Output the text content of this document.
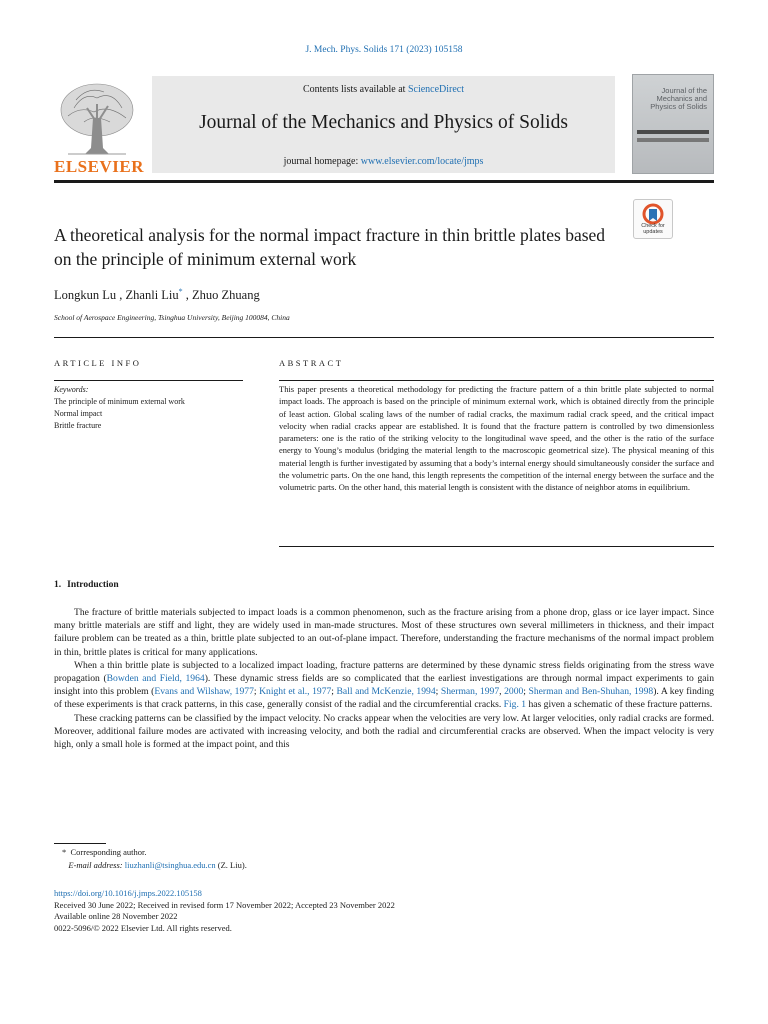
J. Mech. Phys. Solids 171 (2023) 105158
ELSEVIER
Contents lists available at ScienceDirect
Journal of the Mechanics and Physics of Solids
journal homepage: www.elsevier.com/locate/jmps
Journal of the Mechanics and Physics of Solids
Check for updates
A theoretical analysis for the normal impact fracture in thin brittle plates based on the principle of minimum external work
Longkun Lu , Zhanli Liu* , Zhuo Zhuang
School of Aerospace Engineering, Tsinghua University, Beijing 100084, China
ARTICLE INFO	ABSTRACT
Keywords:
The principle of minimum external work
Normal impact
Brittle fracture
This paper presents a theoretical methodology for predicting the fracture pattern of a thin brittle plate subjected to normal impact loads. The approach is based on the principle of minimum external work, which is obtained directly from the principle of least action. Global scaling laws of the number of radial cracks, the maximum radial crack speed, and the critical impact velocity when radial cracks appear are established. It is found that the fracture pattern is controlled by two dimensionless parameters: one is the ratio of the striking velocity to the longitudinal wave speed, and the other is the ratio of the surface energy to Young’s modulus (bridging the material length to the macroscopic geometrical size). The physical meaning of this material length is further investigated by assuming that a body’s internal energy should simultaneously consider the surface and the volumetric parts. On the one hand, this length represents the competition of the internal energy between the surface and the volumetric parts. On the other hand, this material length is consistent with the distance of neighbor atoms in equilibrium.
1. Introduction

The fracture of brittle materials subjected to impact loads is a common phenomenon, such as the fracture arising from a phone drop, glass or ice layer impact. Since many brittle materials are stiff and light, they are widely used in man-made structures. Most of these structures own several millimeters in thickness, and their impact failure problem can be treated as a thin, brittle plate subjected to an out-of-plane impact. Therefore, understanding the fracture mechanisms of the normal impact problem in thin, brittle plates is critical for many applications.

When a thin brittle plate is subjected to a localized impact loading, fracture patterns are determined by these dynamic stress fields originating from the stress wave propagation (Bowden and Field, 1964). These dynamic stress fields are so complicated that the earliest investigations are through normal impact experiments to gain insight into this problem (Evans and Wilshaw, 1977; Knight et al., 1977; Ball and McKenzie, 1994; Sherman, 1997, 2000; Sherman and Ben-Shuhan, 1998). A key finding of these experiments is that crack patterns, in this case, generally consist of the radial and the circumferential cracks. Fig. 1 has given a schematic of these fracture patterns.

These cracking patterns can be classified by the impact velocity. No cracks appear when the velocities are very low. At larger velocities, only radial cracks are formed. Moreover, additional failure modes are activated with increasing velocity, and both the radial and circumferential cracks are observed. When the impact velocity is very high, only a small hole is formed at the impact point, and this

*  Corresponding author.
E-mail address: liuzhanli@tsinghua.edu.cn (Z. Liu).
https://doi.org/10.1016/j.jmps.2022.105158
Received 30 June 2022; Received in revised form 17 November 2022; Accepted 23 November 2022
Available online 28 November 2022
0022-5096/© 2022 Elsevier Ltd. All rights reserved.
